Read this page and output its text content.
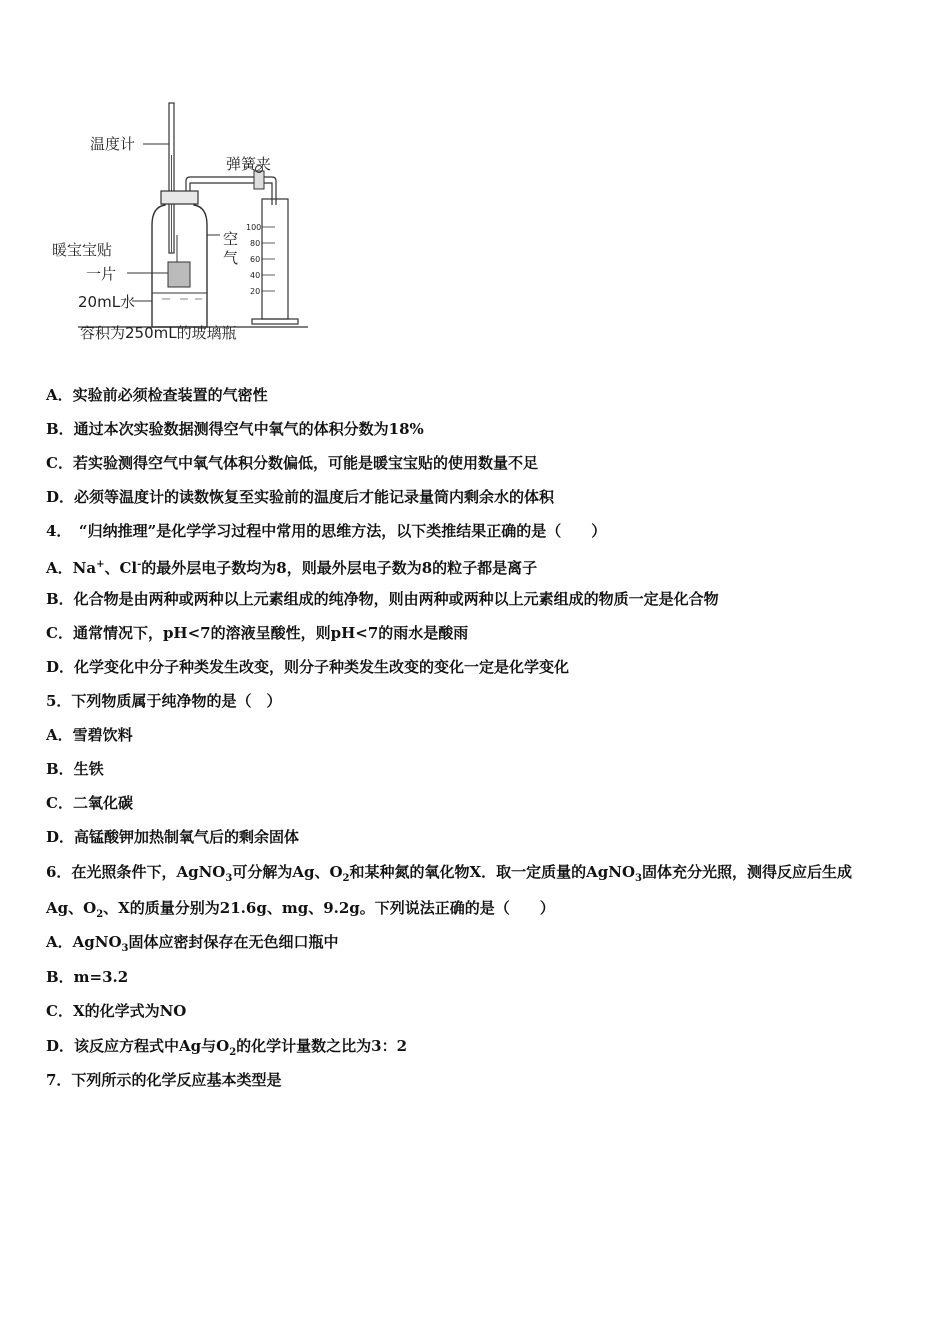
100
80
60
40
20
温度计
弹簧夹
暖宝宝贴
一片
空
气
20mL水
容积为250mL的玻璃瓶
A．实验前必须检查装置的气密性
B．通过本次实验数据测得空气中氧气的体积分数为18%
C．若实验测得空气中氧气体积分数偏低，可能是暖宝宝贴的使用数量不足
D．必须等温度计的读数恢复至实验前的温度后才能记录量筒内剩余水的体积
4．　“归纳推理”是化学学习过程中常用的思维方法，以下类推结果正确的是（　　）
A．Na+、Cl-的最外层电子数均为8，则最外层电子数为8的粒子都是离子
B．化合物是由两种或两种以上元素组成的纯净物，则由两种或两种以上元素组成的物质一定是化合物
C．通常情况下，pH<7的溶液呈酸性，则pH<7的雨水是酸雨
D．化学变化中分子种类发生改变，则分子种类发生改变的变化一定是化学变化
5．下列物质属于纯净物的是（　）
A．雪碧饮料
B．生铁
C．二氧化碳
D．高锰酸钾加热制氧气后的剩余固体
6．在光照条件下，AgNO$_3$可分解为Ag、$O_2$和某种氮的氧化物X．取一定质量的AgNO$_3$固体充分光照，测得反应后生成
Ag、$O_2$、X的质量分别为21.6g、mg、9.2g。下列说法正确的是（　　）
A．AgNO$_3$固体应密封保存在无色细口瓶中
B．m=3.2
C．X的化学式为NO
D．该反应方程式中Ag与$O_2$的化学计量数之比为3：2
7．下列所示的化学反应基本类型是
